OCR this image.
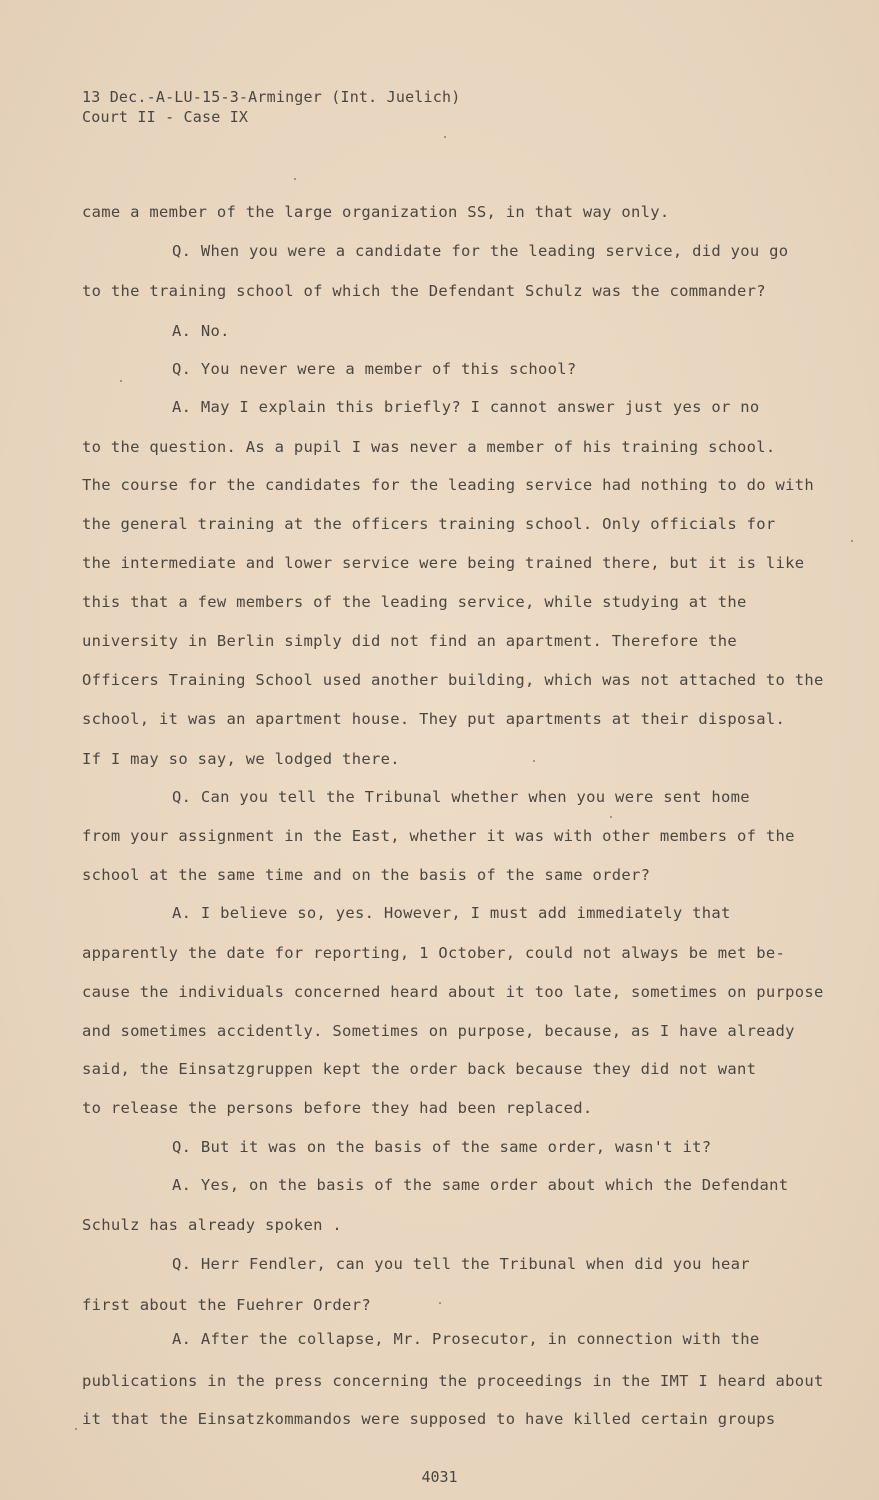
13 Dec.-A-LU-15-3-Arminger (Int. Juelich)
Court II - Case IX
came a member of the large organization SS, in that way only.
Q. When you were a candidate for the leading service, did you go
to the training school of which the Defendant Schulz was the commander?
A. No.
Q. You never were a member of this school?
A. May I explain this briefly? I cannot answer just yes or no
to the question. As a pupil I was never a member of his training school.
The course for the candidates for the leading service had nothing to do with
the general training at the officers training school. Only officials for
the intermediate and lower service were being trained there, but it is like
this that a few members of the leading service, while studying at the
university in Berlin simply did not find an apartment. Therefore the
Officers Training School used another building, which was not attached to the
school, it was an apartment house. They put apartments at their disposal.
If I may so say, we lodged there.
Q. Can you tell the Tribunal whether when you were sent home
from your assignment in the East, whether it was with other members of the
school at the same time and on the basis of the same order?
A. I believe so, yes. However, I must add immediately that
apparently the date for reporting, 1 October, could not always be met be-
cause the individuals concerned heard about it too late, sometimes on purpose
and sometimes accidently. Sometimes on purpose, because, as I have already
said, the Einsatzgruppen kept the order back because they did not want
to release the persons before they had been replaced.
Q. But it was on the basis of the same order, wasn't it?
A. Yes, on the basis of the same order about which the Defendant
Schulz has already spoken .
Q. Herr Fendler, can you tell the Tribunal when did you hear
first about the Fuehrer Order?
A. After the collapse, Mr. Prosecutor, in connection with the
publications in the press concerning the proceedings in the IMT I heard about
it that the Einsatzkommandos were supposed to have killed certain groups
4031
